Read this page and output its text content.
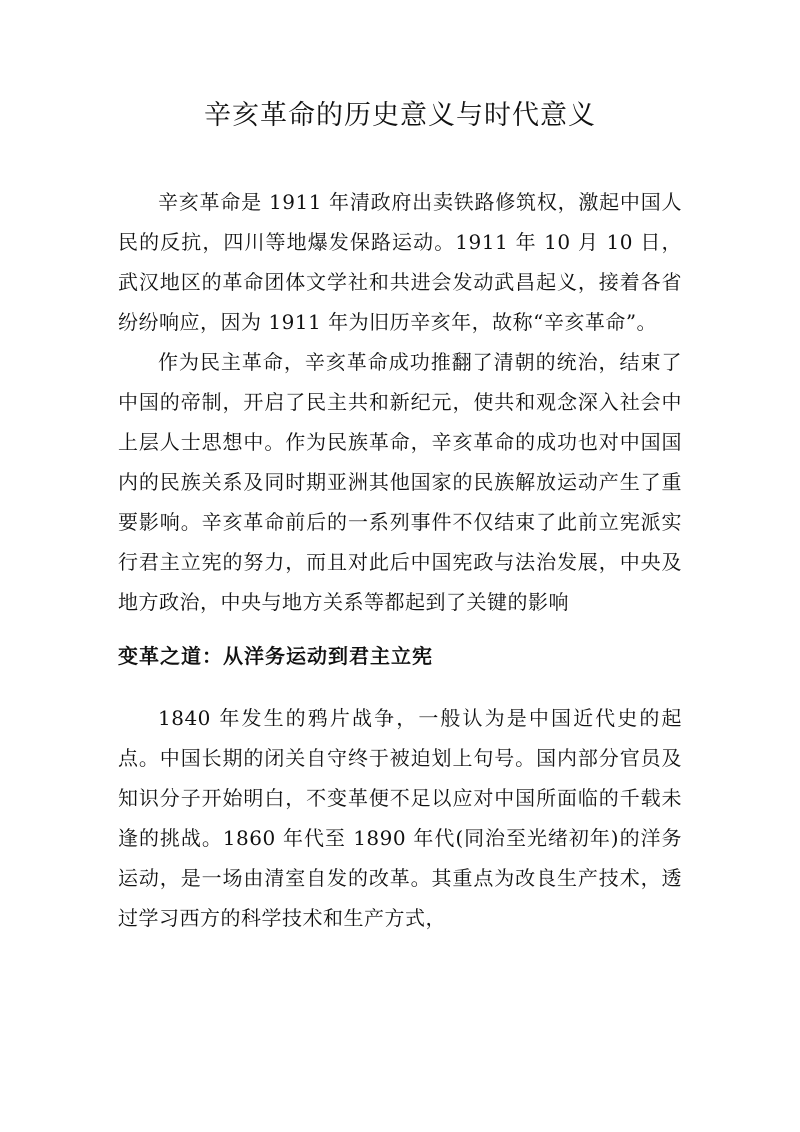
辛亥革命的历史意义与时代意义

辛亥革命是 1911 年清政府出卖铁路修筑权，激起中国人民的反抗，四川等地爆发保路运动。1911 年 10 月 10 日，武汉地区的革命团体文学社和共进会发动武昌起义，接着各省纷纷响应，因为 1911 年为旧历辛亥年，故称“辛亥革命”。

作为民主革命，辛亥革命成功推翻了清朝的统治，结束了中国的帝制，开启了民主共和新纪元，使共和观念深入社会中上层人士思想中。作为民族革命，辛亥革命的成功也对中国国内的民族关系及同时期亚洲其他国家的民族解放运动产生了重要影响。辛亥革命前后的一系列事件不仅结束了此前立宪派实行君主立宪的努力，而且对此后中国宪政与法治发展，中央及地方政治，中央与地方关系等都起到了关键的影响

变革之道：从洋务运动到君主立宪

1840 年发生的鸦片战争，一般认为是中国近代史的起点。中国长期的闭关自守终于被迫划上句号。国内部分官员及知识分子开始明白，不变革便不足以应对中国所面临的千载未逢的挑战。1860 年代至 1890 年代(同治至光绪初年)的洋务运动，是一场由清室自发的改革。其重点为改良生产技术，透过学习西方的科学技术和生产方式，
